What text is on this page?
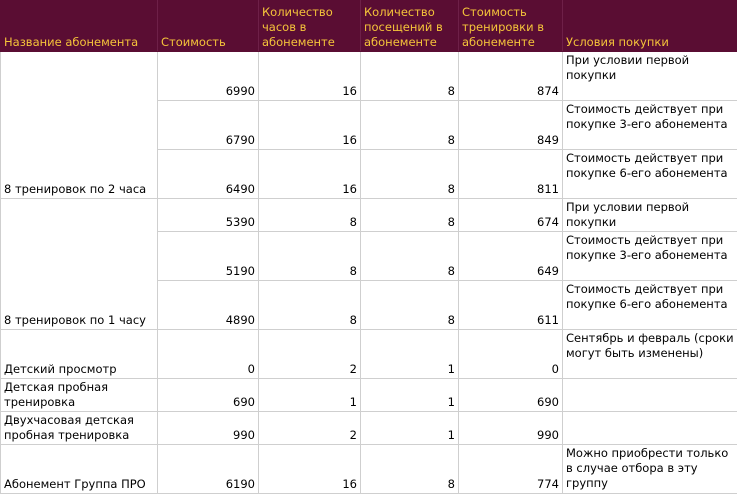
Название абонемента	Стоимость	Количество часов в абонементе	Количество посещений в абонементе	Стоимость тренировки в абонементе	Условия покупки
8 тренировок по 2 часа	6990	16	8	874	При условии первой покупки
	6790	16	8	849	Стоимость действует при покупке 3-его абонемента
	6490	16	8	811	Стоимость действует при покупке 6-его абонемента
8 тренировок по 1 часу	5390	8	8	674	При условии первой покупки
	5190	8	8	649	Стоимость действует при покупке 3-его абонемента
	4890	8	8	611	Стоимость действует при покупке 6-его абонемента
Детский просмотр	0	2	1	0	Сентябрь и февраль (сроки могут быть изменены)
Детская пробная тренировка	690	1	1	690	
Двухчасовая детская пробная тренировка	990	2	1	990	
Абонемент Группа ПРО	6190	16	8	774	Можно приобрести только в случае отбора в эту группу
